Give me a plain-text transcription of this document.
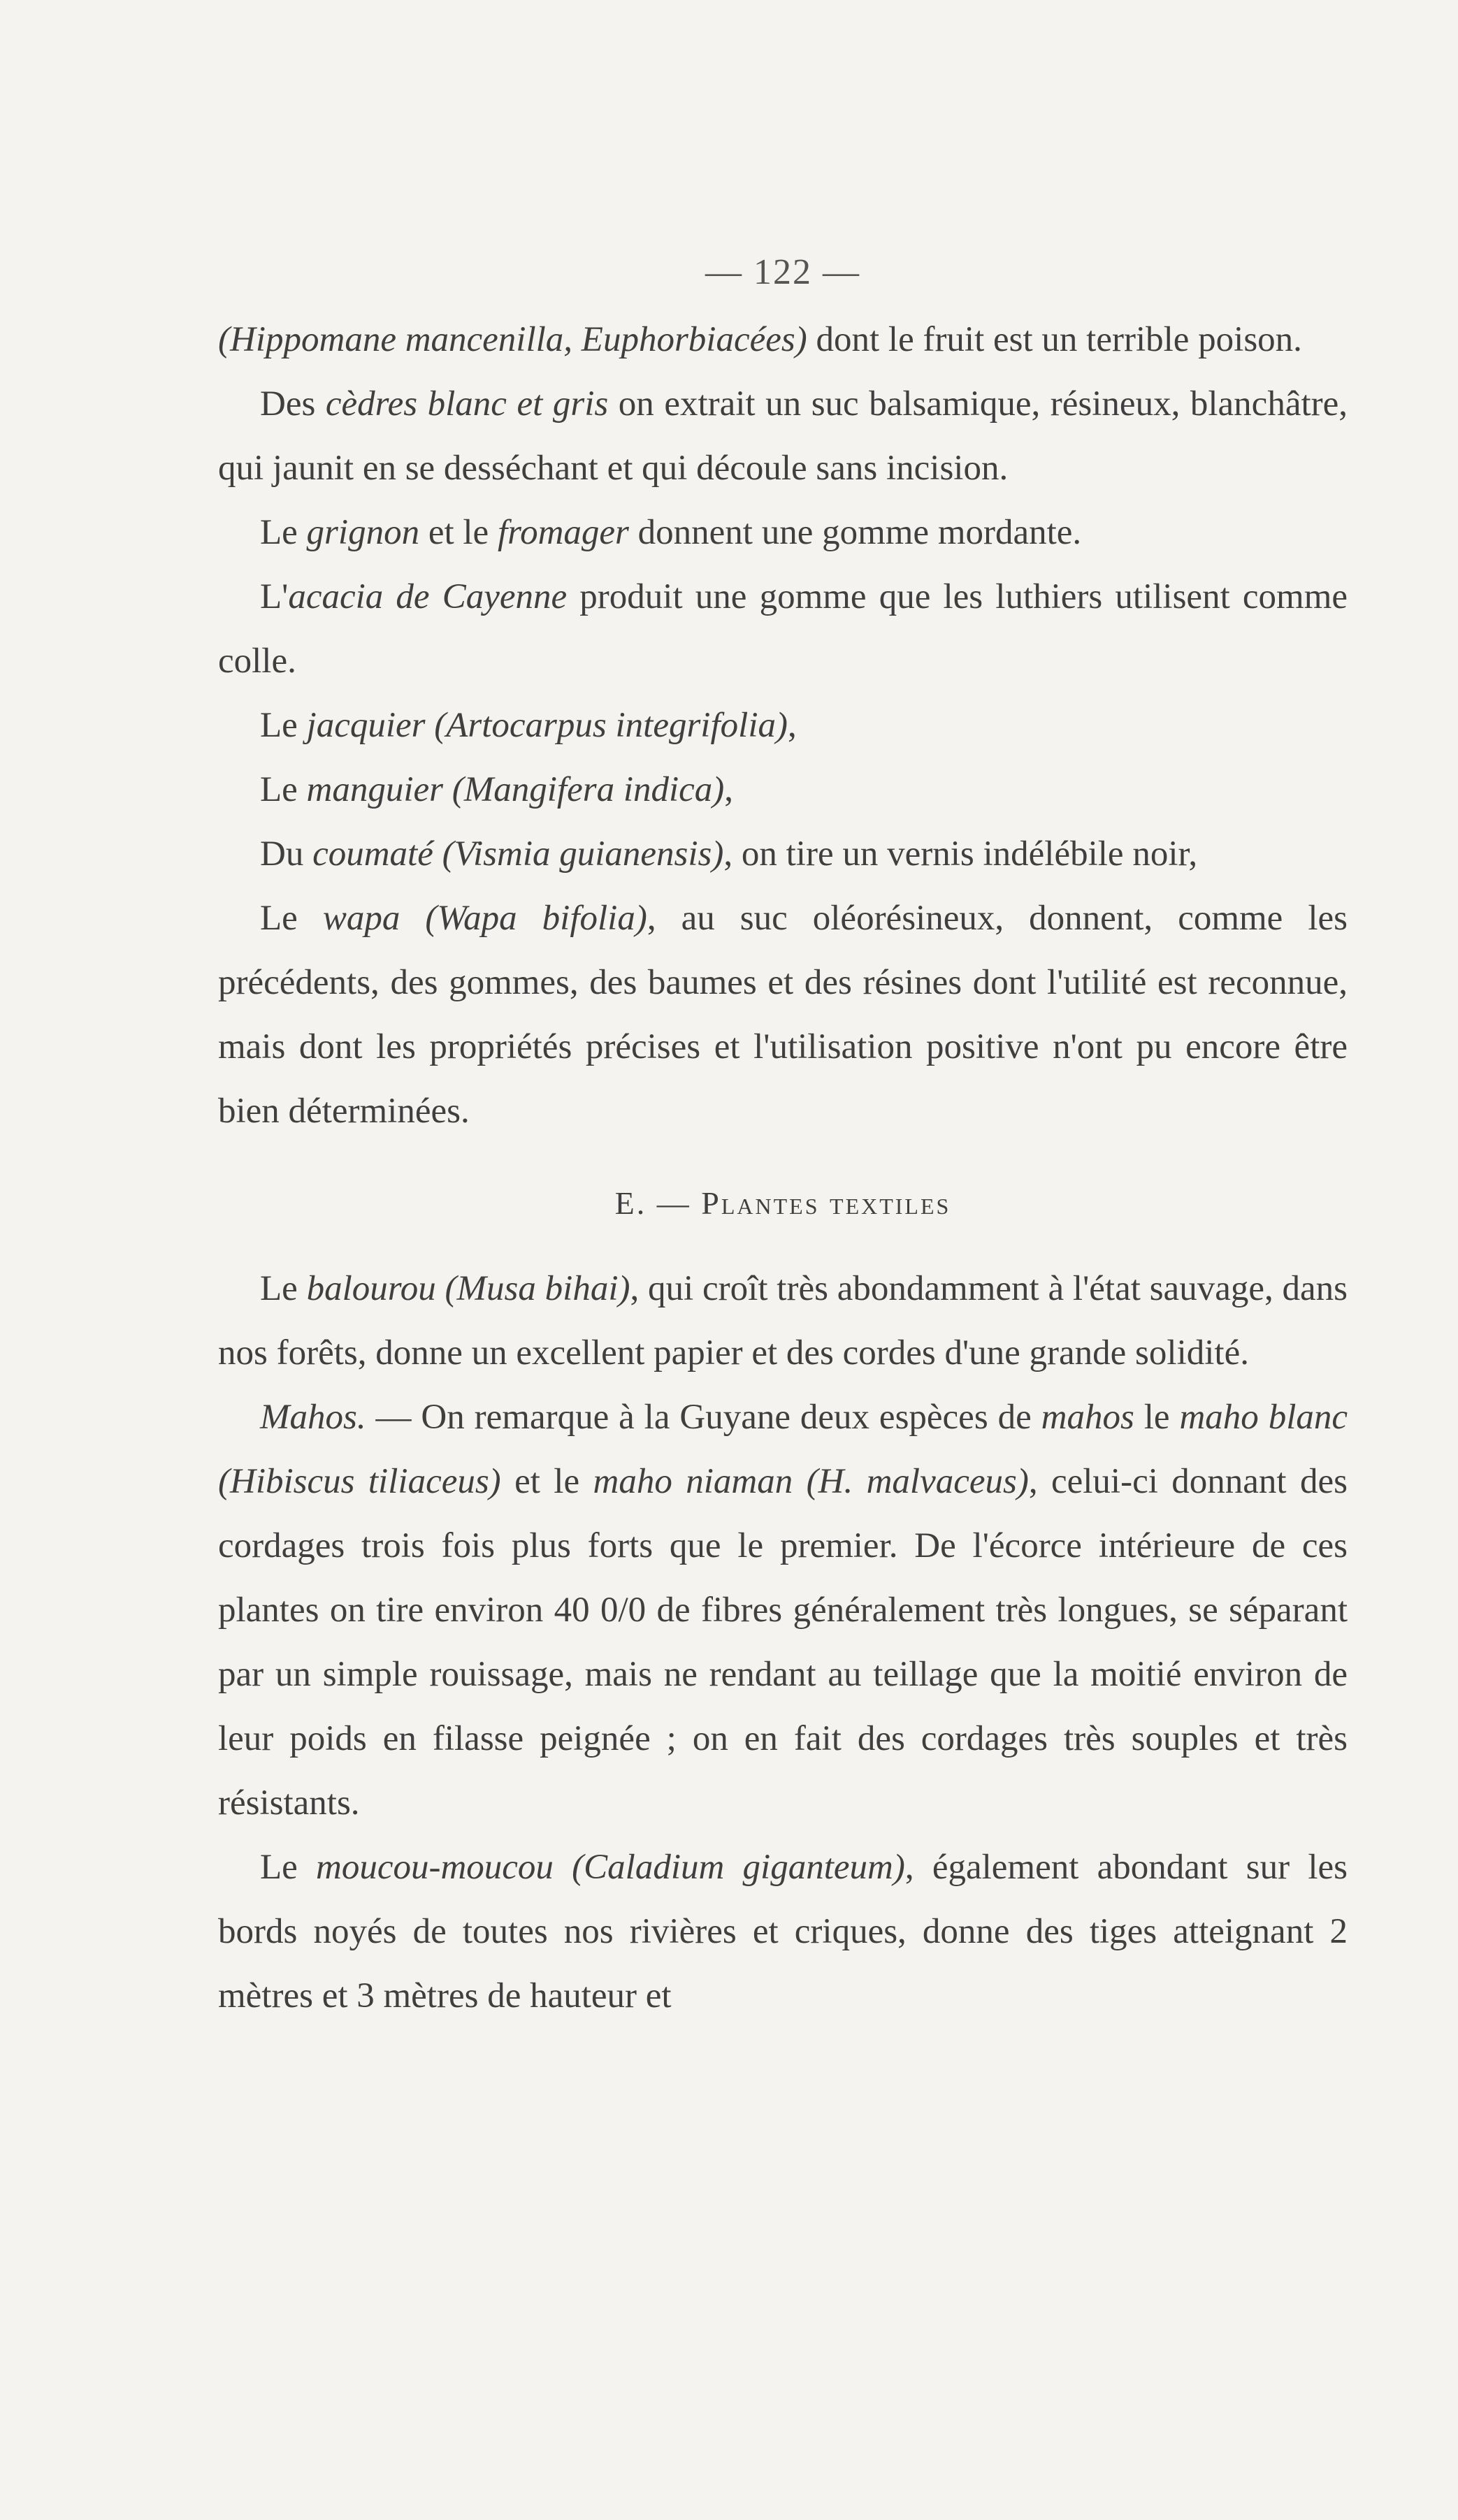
— 122 —

(Hippomane mancenilla, Euphorbiacées) dont le fruit est un terrible poison.

Des cèdres blanc et gris on extrait un suc balsamique, résineux, blanchâtre, qui jaunit en se desséchant et qui découle sans incision.

Le grignon et le fromager donnent une gomme mordante.

L'acacia de Cayenne produit une gomme que les luthiers utilisent comme colle.

Le jacquier (Artocarpus integrifolia),

Le manguier (Mangifera indica),

Du coumaté (Vismia guianensis), on tire un vernis indélébile noir,

Le wapa (Wapa bifolia), au suc oléorésineux, donnent, comme les précédents, des gommes, des baumes et des résines dont l'utilité est reconnue, mais dont les propriétés précises et l'utilisation positive n'ont pu encore être bien déterminées.

E. — Plantes textiles

Le balourou (Musa bihai), qui croît très abondamment à l'état sauvage, dans nos forêts, donne un excellent papier et des cordes d'une grande solidité.

Mahos. — On remarque à la Guyane deux espèces de mahos le maho blanc (Hibiscus tiliaceus) et le maho niaman (H. malvaceus), celui-ci donnant des cordages trois fois plus forts que le premier. De l'écorce intérieure de ces plantes on tire environ 40 0/0 de fibres généralement très longues, se séparant par un simple rouissage, mais ne rendant au teillage que la moitié environ de leur poids en filasse peignée ; on en fait des cordages très souples et très résistants.

Le moucou-moucou (Caladium giganteum), également abondant sur les bords noyés de toutes nos rivières et criques, donne des tiges atteignant 2 mètres et 3 mètres de hauteur et
